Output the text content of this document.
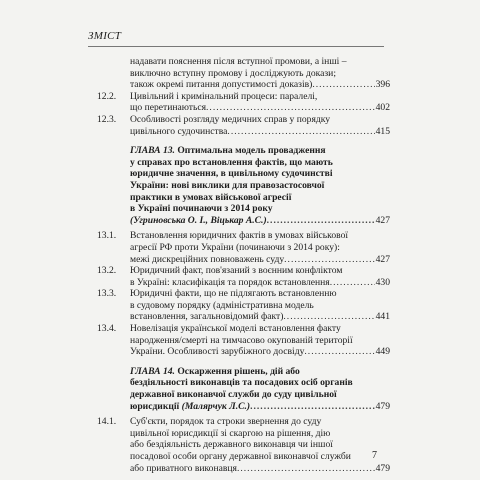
ЗМІСТ
надавати пояснення після вступної промови, а інші –
виключно вступну промову і досліджують докази;
також окремі питання допустимості доказів) .....	396
12.2.	Цивільний і кримінальний процеси: паралелі,
що перетинаються .....	402
12.3.	Особливості розгляду медичних справ у порядку
цивільного судочинства .....	415
ГЛАВА 13. Оптимальна модель провадження
у справах про встановлення фактів, що мають
юридичне значення, в цивільному судочинстві
України: нові виклики для правозастосовчої
практики в умовах військової агресії
в Україні починаючи з 2014 року
(Угриновська О. І., Віцькар А.С.) .....	427
13.1.	Встановлення юридичних фактів в умовах військової
агресії РФ проти України (починаючи з 2014 року):
межі дискреційних повноважень суду .....	427
13.2.	Юридичний факт, пов'язаний з воєнним конфліктом
в Україні: класифікація та порядок встановлення .....	430
13.3.	Юридичні факти, що не підлягають встановленню
в судовому порядку (адміністративна модель
встановлення, загальновідомий факт) .....	441
13.4.	Новелізація української моделі встановлення факту
народження/смерті на тимчасово окупованій території
України. Особливості зарубіжного досвіду .....	449
ГЛАВА 14. Оскарження рішень, дій або
бездіяльності виконавців та посадових осіб органів
державної виконавчої служби до суду цивільної
юрисдикції
(Малярчук Л.С.) .....	479
14.1.	Суб'єкти, порядок та строки звернення до суду
цивільної юрисдикції зі скаргою на рішення, дію
або бездіяльність державного виконавця чи іншої
посадової особи органу державної виконавчої служби
або приватного виконавця .....	479
7
